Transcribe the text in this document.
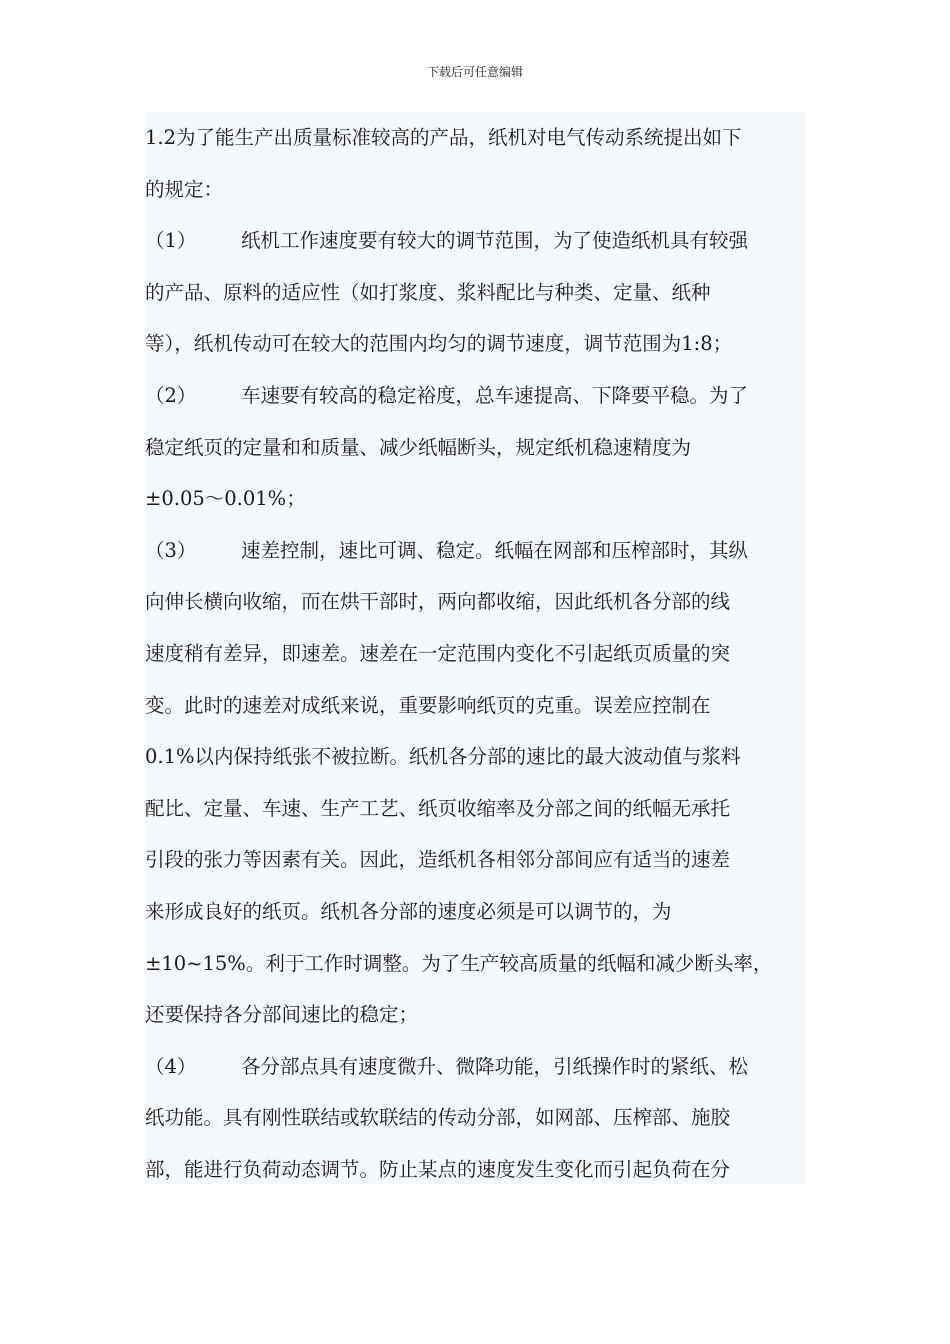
下载后可任意编辑
1.2为了能生产出质量标准较高的产品，纸机对电气传动系统提出如下
的规定：
（1） 纸机工作速度要有较大的调节范围，为了使造纸机具有较强
的产品、原料的适应性（如打浆度、浆料配比与种类、定量、纸种
等），纸机传动可在较大的范围内均匀的调节速度，调节范围为1:8；
（2） 车速要有较高的稳定裕度，总车速提高、下降要平稳。为了
稳定纸页的定量和和质量、减少纸幅断头，规定纸机稳速精度为
±0.05～0.01%；
（3） 速差控制，速比可调、稳定。纸幅在网部和压榨部时，其纵
向伸长横向收缩，而在烘干部时，两向都收缩，因此纸机各分部的线
速度稍有差异，即速差。速差在一定范围内变化不引起纸页质量的突
变。此时的速差对成纸来说，重要影响纸页的克重。误差应控制在
0.1%以内保持纸张不被拉断。纸机各分部的速比的最大波动值与浆料
配比、定量、车速、生产工艺、纸页收缩率及分部之间的纸幅无承托
引段的张力等因素有关。因此，造纸机各相邻分部间应有适当的速差
来形成良好的纸页。纸机各分部的速度必须是可以调节的，为
±10~15%。利于工作时调整。为了生产较高质量的纸幅和减少断头率，
还要保持各分部间速比的稳定；
（4） 各分部点具有速度微升、微降功能，引纸操作时的紧纸、松
纸功能。具有刚性联结或软联结的传动分部，如网部、压榨部、施胶
部，能进行负荷动态调节。防止某点的速度发生变化而引起负荷在分
